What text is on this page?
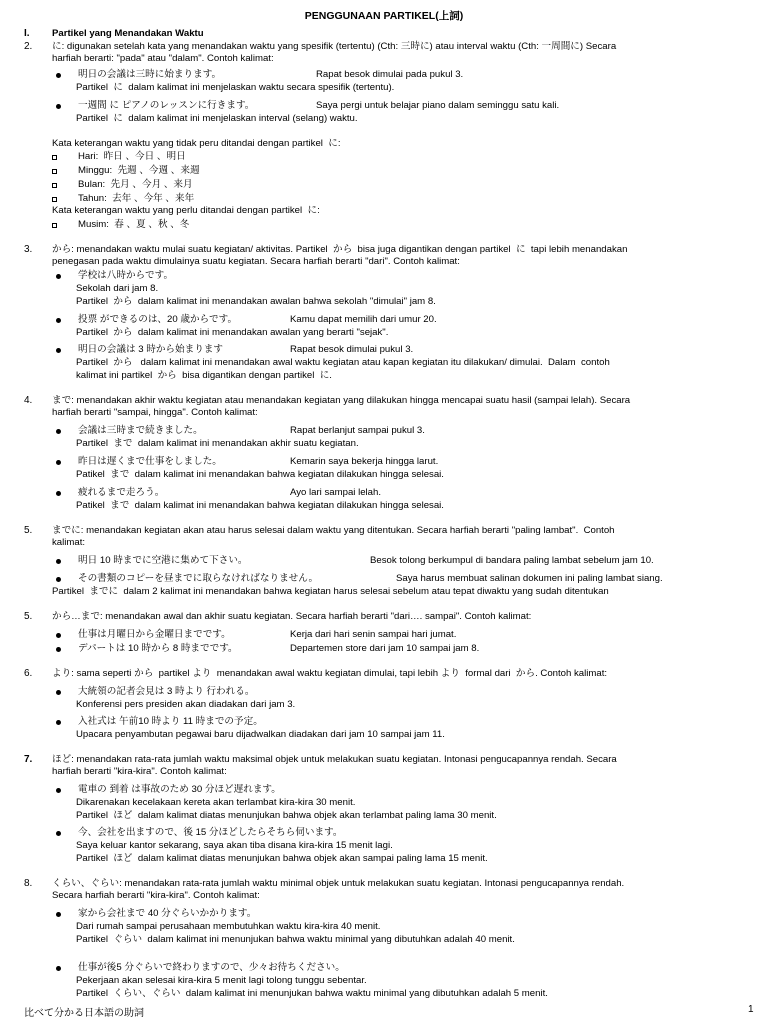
PENGGUNAAN PARTIKEL(上詞)
I. Partikel yang Menandakan Waktu
2. に: digunakan setelah kata yang menandakan waktu yang spesifik (tertentu) (Cth: 三時に) atau interval waktu (Cth: 一周間に) Secara
harfiah berarti: "pada" atau "dalam". Contoh kalimat:
明日の会議は三時に始まります。	Rapat besok dimulai pada pukul 3.
Partikel  に  dalam kalimat ini menjelaskan waktu secara spesifik (tertentu).
一週間 に ピアノのレッスンに行きます。	Saya pergi untuk belajar piano dalam seminggu satu kali.
Partikel  に  dalam kalimat ini menjelaskan interval (selang) waktu.
Kata keterangan waktu yang tidak peru ditandai dengan partikel  に:
Hari:  昨日 、今日 、明日
Minggu:  先週 、今週 、来週
Bulan:  先月 、今月 、来月
Tahun:  去年 、今年 、来年
Kata keterangan waktu yang perlu ditandai dengan partikel  に:
Musim:  春 、夏 、秋 、冬
3. から: menandakan waktu mulai suatu kegiatan/ aktivitas. Partikel  から  bisa juga digantikan dengan partikel  に  tapi lebih menandakan
penegasan pada waktu dimulainya suatu kegiatan. Secara harfiah berarti "dari". Contoh kalimat:
学校は八時からです。
Sekolah dari jam 8.
Partikel  から  dalam kalimat ini menandakan awalan bahwa sekolah "dimulai" jam 8.
投票 ができるのは、20 歳からです。	Kamu dapat memilih dari umur 20.
Partikel  から  dalam kalimat ini menandakan awalan yang berarti "sejak".
明日の会議は 3 時から始まります	Rapat besok dimulai pukul 3.
Partikel  から   dalam kalimat ini menandakan awal waktu kegiatan atau kapan kegiatan itu dilakukan/ dimulai.  Dalam  contoh
kalimat ini partikel  から  bisa digantikan dengan partikel  に.
4. まで: menandakan akhir waktu kegiatan atau menandakan kegiatan yang dilakukan hingga mencapai suatu hasil (sampai lelah). Secara
harfiah berarti "sampai, hingga". Contoh kalimat:
会議は三時まで続きました。	Rapat berlanjut sampai pukul 3.
Partikel  まで  dalam kalimat ini menandakan akhir suatu kegiatan.
昨日は遅くまで仕事をしました。	Kemarin saya bekerja hingga larut.
Patikel  まで  dalam kalimat ini menandakan bahwa kegiatan dilakukan hingga selesai.
疲れるまで走ろう。	Ayo lari sampai lelah.
Patikel  まで  dalam kalimat ini menandakan bahwa kegiatan dilakukan hingga selesai.
5. までに: menandakan kegiatan akan atau harus selesai dalam waktu yang ditentukan. Secara harfiah berarti "paling lambat".  Contoh
kalimat:
明日 10 時までに空港に集めて下さい。	Besok tolong berkumpul di bandara paling lambat sebelum jam 10.
その書類のコピーを昼までに取らなければなりません。	Saya harus membuat salinan dokumen ini paling lambat siang.
Partikel  までに  dalam 2 kalimat ini menandakan bahwa kegiatan harus selesai sebelum atau tepat diwaktu yang sudah ditentukan
5. から…まで: menandakan awal dan akhir suatu kegiatan. Secara harfiah berarti "dari…. sampai". Contoh kalimat:
仕事は月曜日から金曜日までです。	Kerja dari hari senin sampai hari jumat.
デパートは 10 時から 8 時までです。	Departemen store dari jam 10 sampai jam 8.
6. より: sama seperti から  partikel より  menandakan awal waktu kegiatan dimulai, tapi lebih より  formal dari  から. Contoh kalimat:
大統領の記者会見は 3 時より 行われる。
Konferensi pers presiden akan diadakan dari jam 3.
入社式は 午前10 時より 11 時までの予定。
Upacara penyambutan pegawai baru dijadwalkan diadakan dari jam 10 sampai jam 11.
7. ほど: menandakan rata-rata jumlah waktu maksimal objek untuk melakukan suatu kegiatan. Intonasi pengucapannya rendah. Secara
harfiah berarti "kira-kira". Contoh kalimat:
電車の 到着 は事故のため 30 分ほど遅れます。
Dikarenakan kecelakaan kereta akan terlambat kira-kira 30 menit.
Partikel  ほど  dalam kalimat diatas menunjukan bahwa objek akan terlambat paling lama 30 menit.
今、会社を出ますので、後 15 分ほどしたらそちら伺います。
Saya keluar kantor sekarang, saya akan tiba disana kira-kira 15 menit lagi.
Partikel  ほど  dalam kalimat diatas menunjukan bahwa objek akan sampai paling lama 15 menit.
8. くらい、ぐらい: menandakan rata-rata jumlah waktu minimal objek untuk melakukan suatu kegiatan. Intonasi pengucapannya rendah.
Secara harfiah berarti "kira-kira". Contoh kalimat:
家から会社まで 40 分ぐらいかかります。
Dari rumah sampai perusahaan membutuhkan waktu kira-kira 40 menit.
Partikel  ぐらい  dalam kalimat ini menunjukan bahwa waktu minimal yang dibutuhkan adalah 40 menit.
仕事が後5 分ぐらいで終わりますので、少々お待ちください。
Pekerjaan akan selesai kira-kira 5 menit lagi tolong tunggu sebentar.
Partikel  くらい、ぐらい  dalam kalimat ini menunjukan bahwa waktu minimal yang dibutuhkan adalah 5 menit.
比べて分かる日本語の助詞	1
